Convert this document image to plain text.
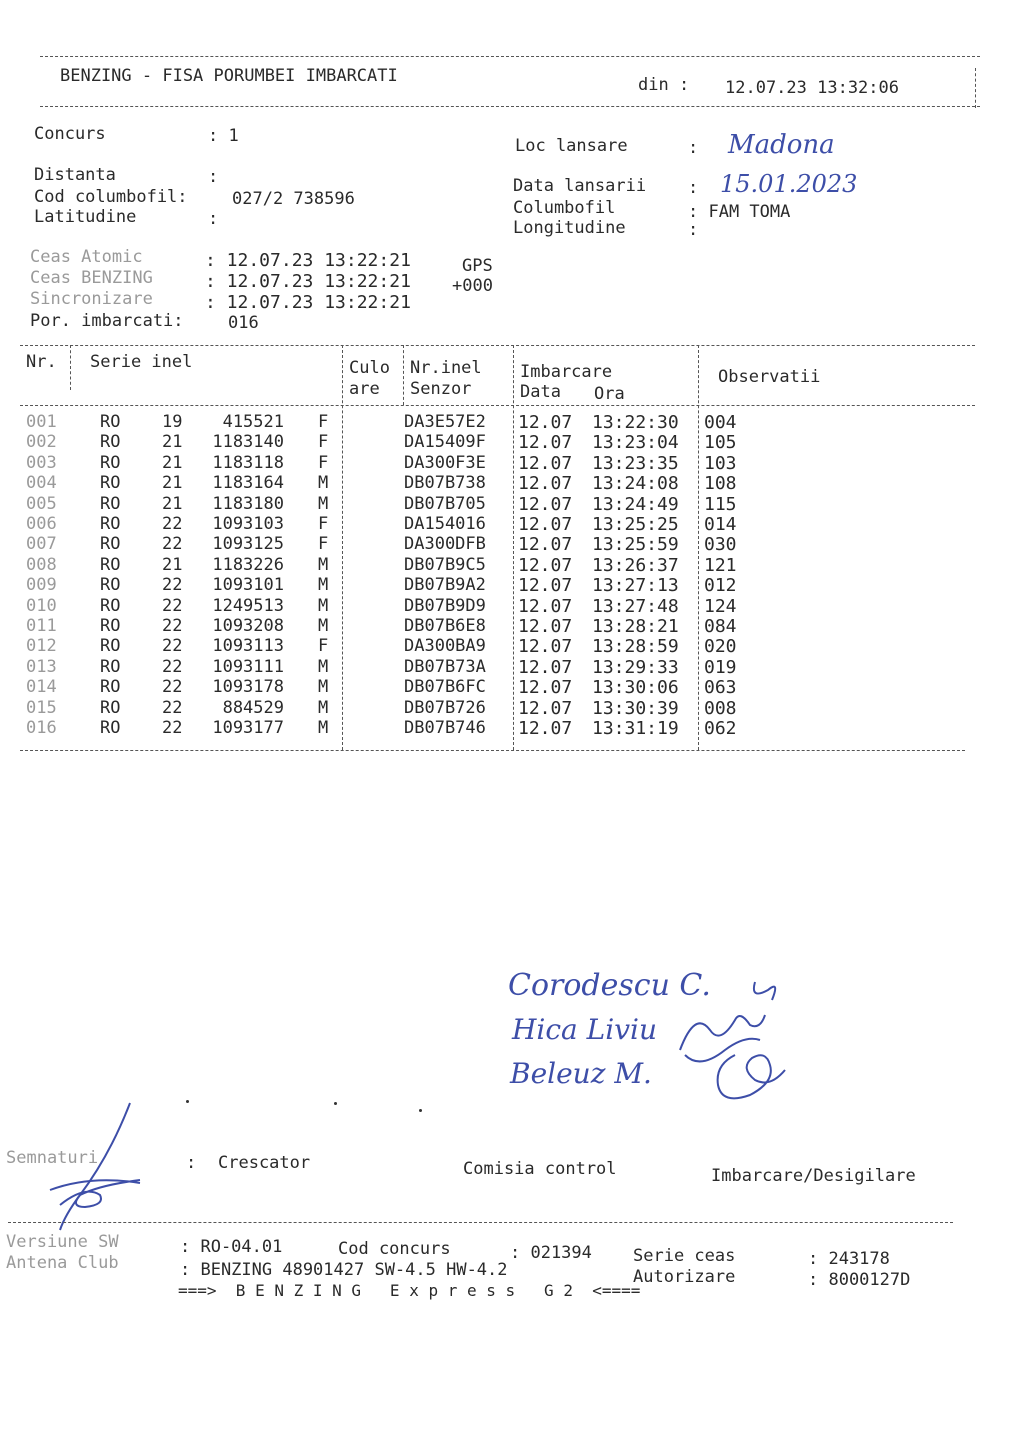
BENZING - FISA PORUMBEI IMBARCATI	din : 12.07.23 13:32:06
Concurs	: 1
Distanta	:
Cod columbofil:	027/2 738596
Latitudine	:
Loc lansare	: Madona
Data lansarii : 15.01.2023
Columbofil	: FAM TOMA
Longitudine	:
Ceas Atomic	: 12.07.23 13:22:21	GPS
Ceas BENZING	: 12.07.23 13:22:21 +000
Sincronizare	: 12.07.23 13:22:21
Por. imbarcati:	016
Nr. Serie inel	Culo
are
Nr.inel
Senzor
Imbarcare
Data Ora
Observatii
001	RO 19	415521 F	DA3E57E2 12.07 13:22:30 004
002	RO 21	1183140 F	DA15409F 12.07 13:23:04 105
003	RO 21	1183118 F	DA300F3E 12.07 13:23:35 103
004	RO 21	1183164 M	DB07B738 12.07 13:24:08 108
005	RO 21	1183180 M	DB07B705 12.07 13:24:49 115
006	RO 22	1093103 F	DA154016 12.07 13:25:25 014
007	RO 22	1093125 F	DA300DFB 12.07 13:25:59 030
008	RO 21	1183226 M	DB07B9C5 12.07 13:26:37 121
009	RO 22	1093101 M	DB07B9A2 12.07 13:27:13 012
010	RO 22	1249513 M	DB07B9D9 12.07 13:27:48 124
011	RO 22	1093208 M	DB07B6E8 12.07 13:28:21 084
012	RO 22	1093113 F	DA300BA9 12.07 13:28:59 020
013	RO 22	1093111 M	DB07B73A 12.07 13:29:33 019
014	RO 22	1093178 M	DB07B6FC 12.07 13:30:06 063
015	RO 22	884529 M	DB07B726 12.07 13:30:39 008
016	RO 22	1093177 M	DB07B746 12.07 13:31:19 062
Corodescu C.
Hica Liviu
Beleuz M.
Semnaturi	: Crescator	Comisia control	Imbarcare/Desigilare
Versiune SW	: RO-04.01	Cod concurs	: 021394 Serie ceas	: 243178
Antena Club	: BENZING 48901427 SW-4.5 HW-4.2	Autorizare	: 8000127D
===>  B E N Z I N G   E x p r e s s   G 2  <====
